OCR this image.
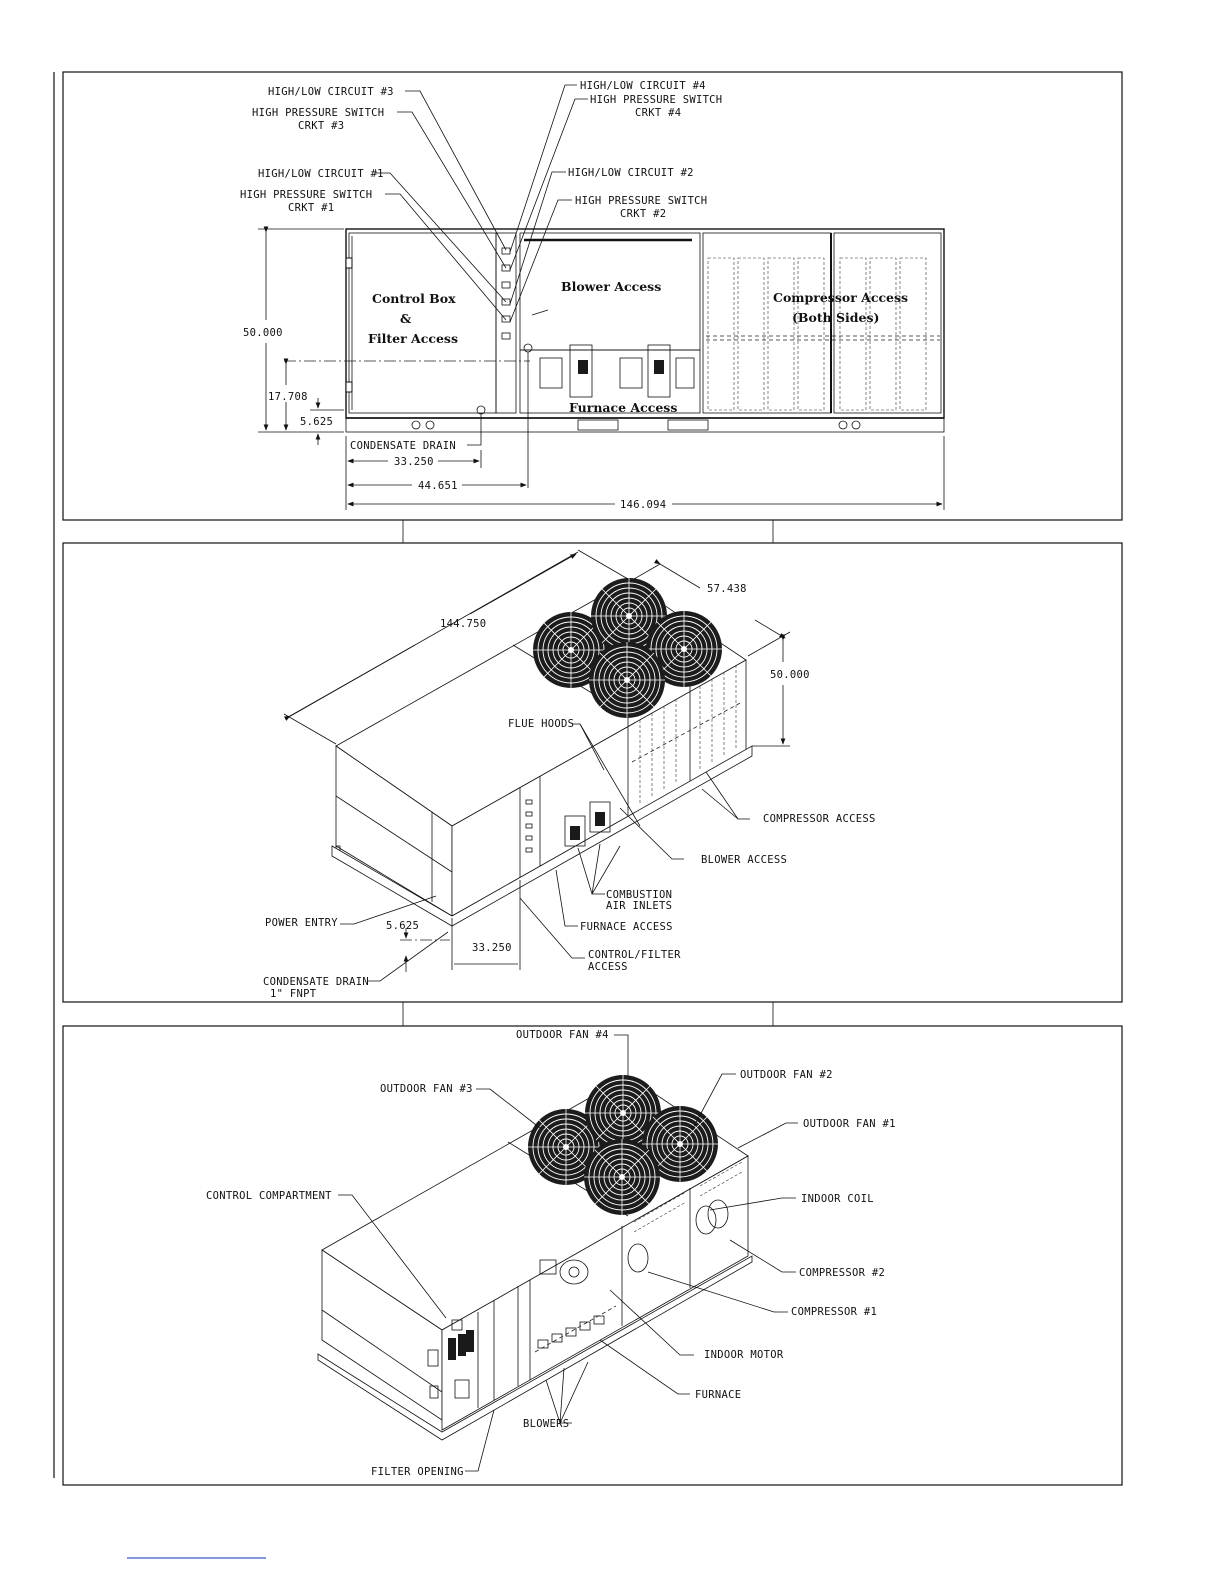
Control Box
&
Filter Access
Blower Access
Compressor Access
(Both Sides)
Furnace Access
HIGH/LOW CIRCUIT #3
HIGH PRESSURE SWITCH
CRKT #3
HIGH/LOW CIRCUIT #1
HIGH PRESSURE SWITCH
CRKT #1
HIGH/LOW CIRCUIT #4
HIGH PRESSURE SWITCH
CRKT #4
HIGH/LOW CIRCUIT #2
HIGH PRESSURE SWITCH
CRKT #2
CONDENSATE DRAIN
50.000
17.708
5.625
33.250
44.651
146.094
144.750
57.438
50.000
5.625
33.250
FLUE HOODS
COMPRESSOR ACCESS
BLOWER ACCESS
COMBUSTION
AIR INLETS
FURNACE ACCESS
CONTROL/FILTER
ACCESS
POWER ENTRY
CONDENSATE DRAIN
1" FNPT
OUTDOOR FAN #4
OUTDOOR FAN #3
OUTDOOR FAN #2
OUTDOOR FAN #1
CONTROL COMPARTMENT	INDOOR COIL
COMPRESSOR #2
COMPRESSOR #1
INDOOR MOTOR
FURNACE
BLOWERS
FILTER OPENING
